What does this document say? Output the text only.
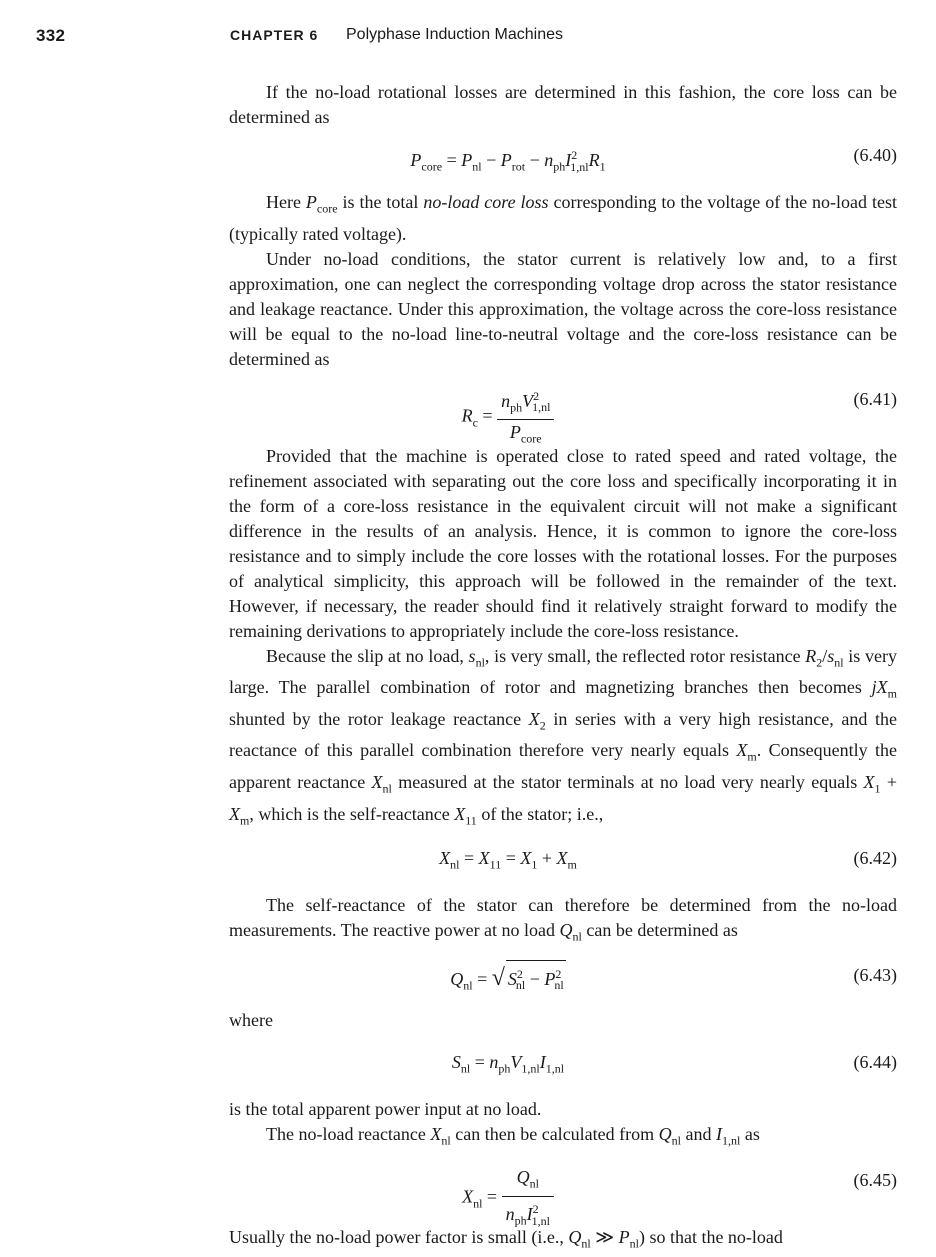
332	CHAPTER 6 Polyphase Induction Machines

If the no-load rotational losses are determined in this fashion, the core loss can be determined as

$P_{core} = P_{nl} - P_{rot} - n_{ph}I^2_{1,nl}R_1$
(6.40)

Here $P_{core}$ is the total no-load core loss corresponding to the voltage of the no-load test (typically rated voltage).

Under no-load conditions, the stator current is relatively low and, to a first approximation, one can neglect the corresponding voltage drop across the stator resistance and leakage reactance. Under this approximation, the voltage across the core-loss resistance will be equal to the no-load line-to-neutral voltage and the core-loss resistance can be determined as

$R_c$ =
$n_{ph}V^2_{1,nl}$
$P_{core}$
(6.41)

Provided that the machine is operated close to rated speed and rated voltage, the refinement associated with separating out the core loss and specifically incorporating it in the form of a core-loss resistance in the equivalent circuit will not make a significant difference in the results of an analysis. Hence, it is common to ignore the core-loss resistance and to simply include the core losses with the rotational losses. For the purposes of analytical simplicity, this approach will be followed in the remainder of the text. However, if necessary, the reader should find it relatively straight forward to modify the remaining derivations to appropriately include the core-loss resistance.

Because the slip at no load, $s_{nl}$, is very small, the reflected rotor resistance $R_2/s_{nl}$ is very large. The parallel combination of rotor and magnetizing branches then becomes $jX_m$ shunted by the rotor leakage reactance $X_2$ in series with a very high resistance, and the reactance of this parallel combination therefore very nearly equals $X_m$. Consequently the apparent reactance $X_{nl}$ measured at the stator terminals at no load very nearly equals $X_1 + X_m$, which is the self-reactance $X_{11}$ of the stator; i.e.,

$X_{nl} = X_{11} = X_1 + X_m$	(6.42)

The self-reactance of the stator can therefore be determined from the no-load measurements. The reactive power at no load $Q_{nl}$ can be determined as

$Q_{nl}$ = √ $S^2_{nl} - P^2_{nl}$
(6.43)

where

$S_{nl} = n_{ph}V_{1,nl}I_{1,nl}$	(6.44)

is the total apparent power input at no load.

The no-load reactance $X_{nl}$ can then be calculated from $Q_{nl}$ and $I_{1,nl}$ as

$X_{nl}$ =
$Q_{nl}$
$n_{ph}I^2_{1,nl}$
(6.45)

Usually the no-load power factor is small (i.e., $Q_{nl}$ ≫ $P_{nl}$) so that the no-load
